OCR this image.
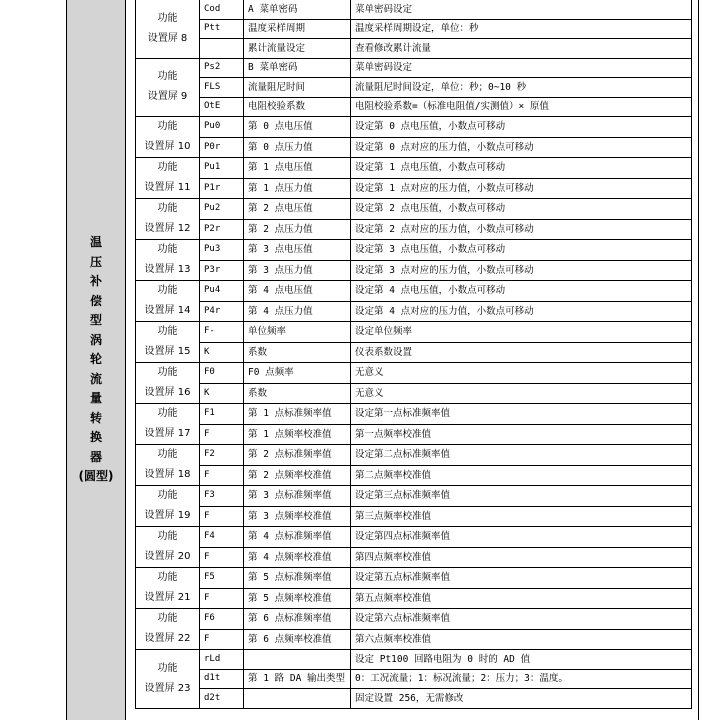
温
压
补
偿
型
涡
轮
流
量
转
换
器
(圆型)
功能
设置屏 8	Cod	A 菜单密码	菜单密码设定
	Ptt	温度采样周期	温度采样周期设定，单位：秒
		累计流量设定	查看修改累计流量

功能
设置屏 9	Ps2	B 菜单密码	菜单密码设定
	FLS	流量阻尼时间	流量阻尼时间设定，单位：秒；0~10 秒
	OtE	电阻校验系数	电阻校验系数=（标准电阻值/实测值）× 原值

功能
设置屏 10	Pu0	第 0 点电压值	设定第 0 点电压值，小数点可移动
	P0r	第 0 点压力值	设定第 0 点对应的压力值，小数点可移动

功能
设置屏 11	Pu1	第 1 点电压值	设定第 1 点电压值，小数点可移动
	P1r	第 1 点压力值	设定第 1 点对应的压力值，小数点可移动

功能
设置屏 12	Pu2	第 2 点电压值	设定第 2 点电压值，小数点可移动
	P2r	第 2 点压力值	设定第 2 点对应的压力值，小数点可移动

功能
设置屏 13	Pu3	第 3 点电压值	设定第 3 点电压值，小数点可移动
	P3r	第 3 点压力值	设定第 3 点对应的压力值，小数点可移动

功能
设置屏 14	Pu4	第 4 点电压值	设定第 4 点电压值，小数点可移动
	P4r	第 4 点压力值	设定第 4 点对应的压力值，小数点可移动

功能
设置屏 15	F-	单位频率	设定单位频率
	K	系数	仪表系数设置

功能
设置屏 16	F0	F0 点频率	无意义
	K	系数	无意义

功能
设置屏 17	F1	第 1 点标准频率值	设定第一点标准频率值
	F	第 1 点频率校准值	第一点频率校准值

功能
设置屏 18	F2	第 2 点标准频率值	设定第二点标准频率值
	F	第 2 点频率校准值	第二点频率校准值

功能
设置屏 19	F3	第 3 点标准频率值	设定第三点标准频率值
	F	第 3 点频率校准值	第三点频率校准值

功能
设置屏 20	F4	第 4 点标准频率值	设定第四点标准频率值
	F	第 4 点频率校准值	第四点频率校准值

功能
设置屏 21	F5	第 5 点标准频率值	设定第五点标准频率值
	F	第 5 点频率校准值	第五点频率校准值

功能
设置屏 22	F6	第 6 点标准频率值	设定第六点标准频率值
	F	第 6 点频率校准值	第六点频率校准值

功能
设置屏 23	rLd		设定 Pt100 回路电阻为 0 时的 AD 值
	d1t	第 1 路 DA 输出类型	0：工况流量；1：标况流量；2：压力；3：温度。
	d2t		固定设置 256，无需修改
